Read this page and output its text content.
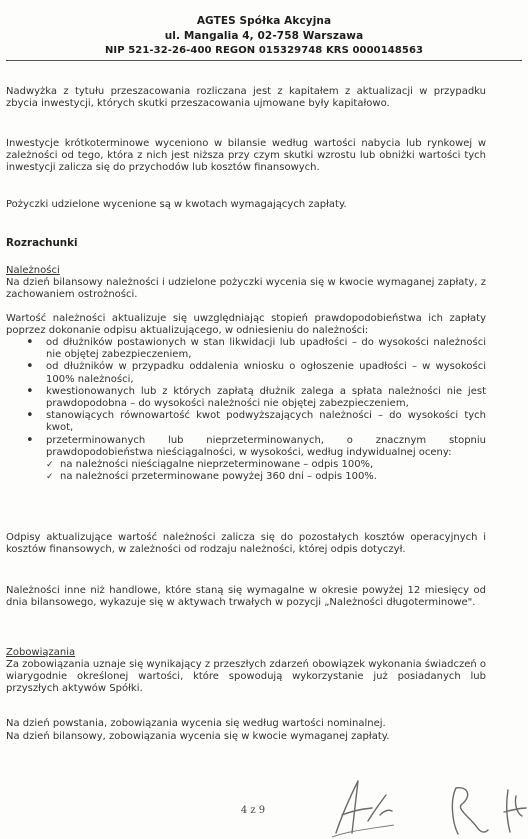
AGTES Spółka Akcyjna
ul. Mangalia 4, 02-758 Warszawa
NIP 521-32-26-400 REGON 015329748 KRS 0000148563

Nadwyżka z tytułu przeszacowania rozliczana jest z kapitałem z aktualizacji w przypadku zbycia inwestycji, których skutki przeszacowania ujmowane były kapitałowo.

Inwestycje krótkoterminowe wyceniono w bilansie według wartości nabycia lub rynkowej w zależności od tego, która z nich jest niższa przy czym skutki wzrostu lub obniżki wartości tych inwestycji zalicza się do przychodów lub kosztów finansowych.

Pożyczki udzielone wycenione są w kwotach wymagających zapłaty.

Rozrachunki
Należności

Na dzień bilansowy należności i udzielone pożyczki wycenia się w kwocie wymaganej zapłaty, z zachowaniem ostrożności.

Wartość należności aktualizuje się uwzględniając stopień prawdopodobieństwa ich zapłaty poprzez dokonanie odpisu aktualizującego, w odniesieniu do należności:

• od dłużników postawionych w stan likwidacji lub upadłości – do wysokości należności nie objętej zabezpieczeniem,
• od dłużników w przypadku oddalenia wniosku o ogłoszenie upadłości – w wysokości 100% należności,
• kwestionowanych lub z których zapłatą dłużnik zalega a spłata należności nie jest prawdopodobna – do wysokości należności nie objętej zabezpieczeniem,
• stanowiących równowartość kwot podwyższających należności – do wysokości tych kwot,
• przeterminowanych lub nieprzeterminowanych, o znacznym stopniu prawdopodobieństwa nieściągalności, w wysokości, według indywidualnej oceny:
✓ na należności nieściągalne nieprzeterminowane – odpis 100%,
✓ na należności przeterminowane powyżej 360 dni – odpis 100%.

Odpisy aktualizujące wartość należności zalicza się do pozostałych kosztów operacyjnych i kosztów finansowych, w zależności od rodzaju należności, której odpis dotyczył.

Należności inne niż handlowe, które staną się wymagalne w okresie powyżej 12 miesięcy od dnia bilansowego, wykazuje się w aktywach trwałych w pozycji „Należności długoterminowe".

Zobowiązania

Za zobowiązania uznaje się wynikający z przeszłych zdarzeń obowiązek wykonania świadczeń o wiarygodnie określonej wartości, które spowodują wykorzystanie już posiadanych lub przyszłych aktywów Spółki.

Na dzień powstania, zobowiązania wycenia się według wartości nominalnej.

Na dzień bilansowy, zobowiązania wycenia się w kwocie wymaganej zapłaty.

4 z 9
